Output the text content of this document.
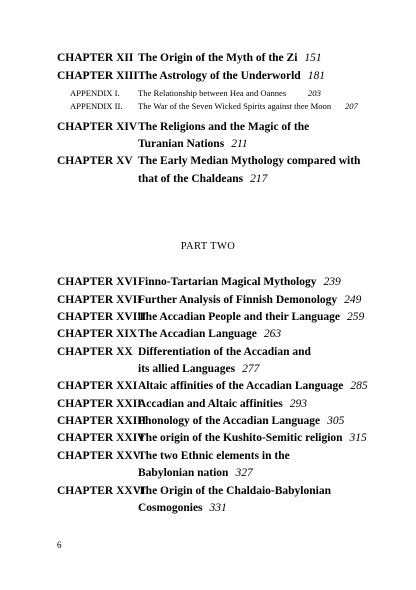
CHAPTER XII The Origin of the Myth of the Zi 151
CHAPTER XIII The Astrology of the Underworld 181
APPENDIX I. The Relationship between Hea and Oannes	203
APPENDIX II. The War of the Seven Wicked Spirits against thee Moon 207
CHAPTER XIV The Religions and the Magic of the
Turanian Nations 211
CHAPTER XV The Early Median Mythology compared with
that of the Chaldeans 217
PART TWO
CHAPTER XVI Finno-Tartarian Magical Mythology 239
CHAPTER XVII
Further Analysis of Finnish Demonology 249
CHAPTER XVIII
The Accadian People and their Language 259
CHAPTER XIX The Accadian Language 263
CHAPTER XX Differentiation of the Accadian and
its allied Languages 277
CHAPTER XXI Altaic affinities of the Accadian Language 285
CHAPTER XXII
Accadian and Altaic affinities 293
CHAPTER XXIII
Phonology of the Accadian Language 305
CHAPTER XXIV
The origin of the Kushito-Semitic religion 315
CHAPTER XXV
The two Ethnic elements in the
Babylonian nation 327
CHAPTER XXVI
The Origin of the Chaldaio-Babylonian
Cosmogonies 331
6
